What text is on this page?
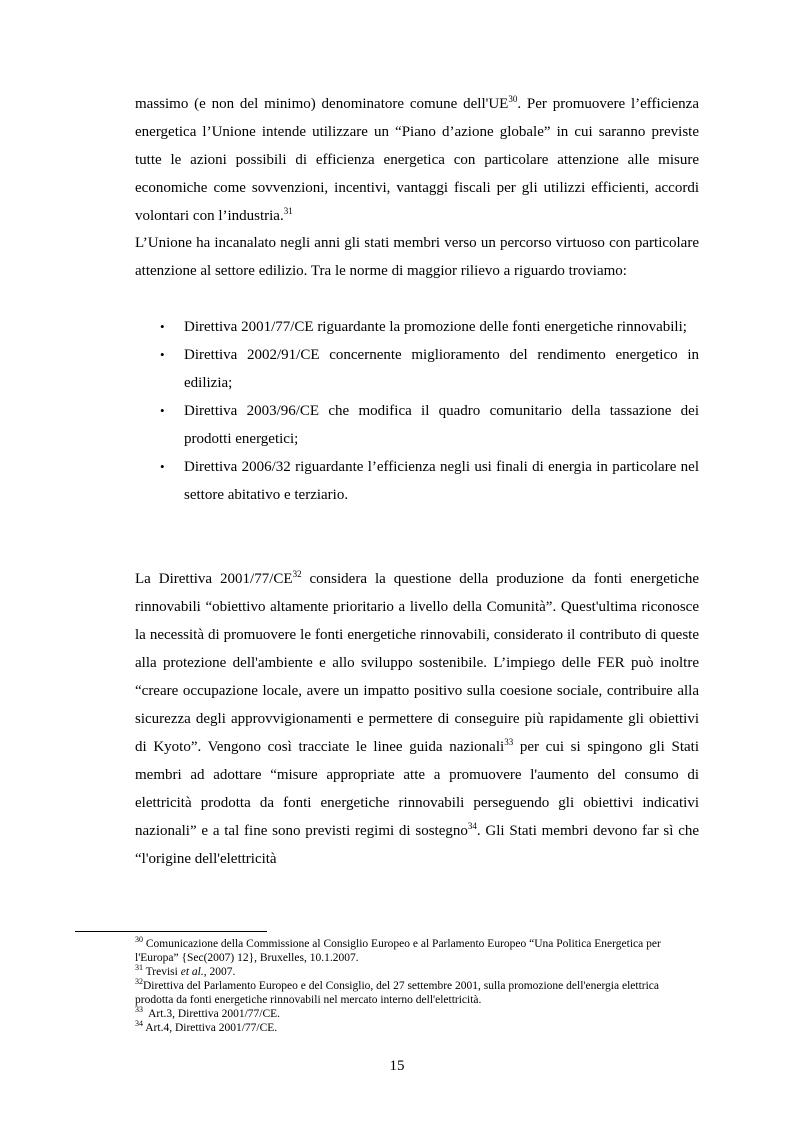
massimo (e non del minimo) denominatore comune dell'UE$^{30}$. Per promuovere l’efficienza energetica l’Unione intende utilizzare un “Piano d’azione globale” in cui saranno previste tutte le azioni possibili di efficienza energetica con particolare attenzione alle misure economiche come sovvenzioni, incentivi, vantaggi fiscali per gli utilizzi efficienti, accordi volontari con l’industria.$^{31}$

L’Unione ha incanalato negli anni gli stati membri verso un percorso virtuoso con particolare attenzione al settore edilizio. Tra le norme di maggior rilievo a riguardo troviamo:

• Direttiva 2001/77/CE riguardante la promozione delle fonti energetiche rinnovabili;
• Direttiva 2002/91/CE concernente miglioramento del rendimento energetico in edilizia;
• Direttiva 2003/96/CE che modifica il quadro comunitario della tassazione dei prodotti energetici;
• Direttiva 2006/32 riguardante l’efficienza negli usi finali di energia in particolare nel settore abitativo e terziario.

La Direttiva 2001/77/CE$^{32}$ considera la questione della produzione da fonti energetiche rinnovabili “obiettivo altamente prioritario a livello della Comunità”. Quest'ultima riconosce la necessità di promuovere le fonti energetiche rinnovabili, considerato il contributo di queste alla protezione dell'ambiente e allo sviluppo sostenibile. L’impiego delle FER può inoltre “creare occupazione locale, avere un impatto positivo sulla coesione sociale, contribuire alla sicurezza degli approvvigionamenti e permettere di conseguire più rapidamente gli obiettivi di Kyoto”. Vengono così tracciate le linee guida nazionali$^{33}$ per cui si spingono gli Stati membri ad adottare “misure appropriate atte a promuovere l'aumento del consumo di elettricità prodotta da fonti energetiche rinnovabili perseguendo gli obiettivi indicativi nazionali” e a tal fine sono previsti regimi di sostegno$^{34}$. Gli Stati membri devono far sì che “l'origine dell'elettricità

$^{30}$ Comunicazione della Commissione al Consiglio Europeo e al Parlamento Europeo “Una Politica Energetica per l'Europa” {Sec(2007) 12}, Bruxelles, 10.1.2007.

$^{31}$ Trevisi et al., 2007.

$^{32}$Direttiva del Parlamento Europeo e del Consiglio, del 27 settembre 2001, sulla promozione dell'energia elettrica prodotta da fonti energetiche rinnovabili nel mercato interno dell'elettricità.

$^{33}$  Art.3, Direttiva 2001/77/CE.

$^{34}$ Art.4, Direttiva 2001/77/CE.

15
